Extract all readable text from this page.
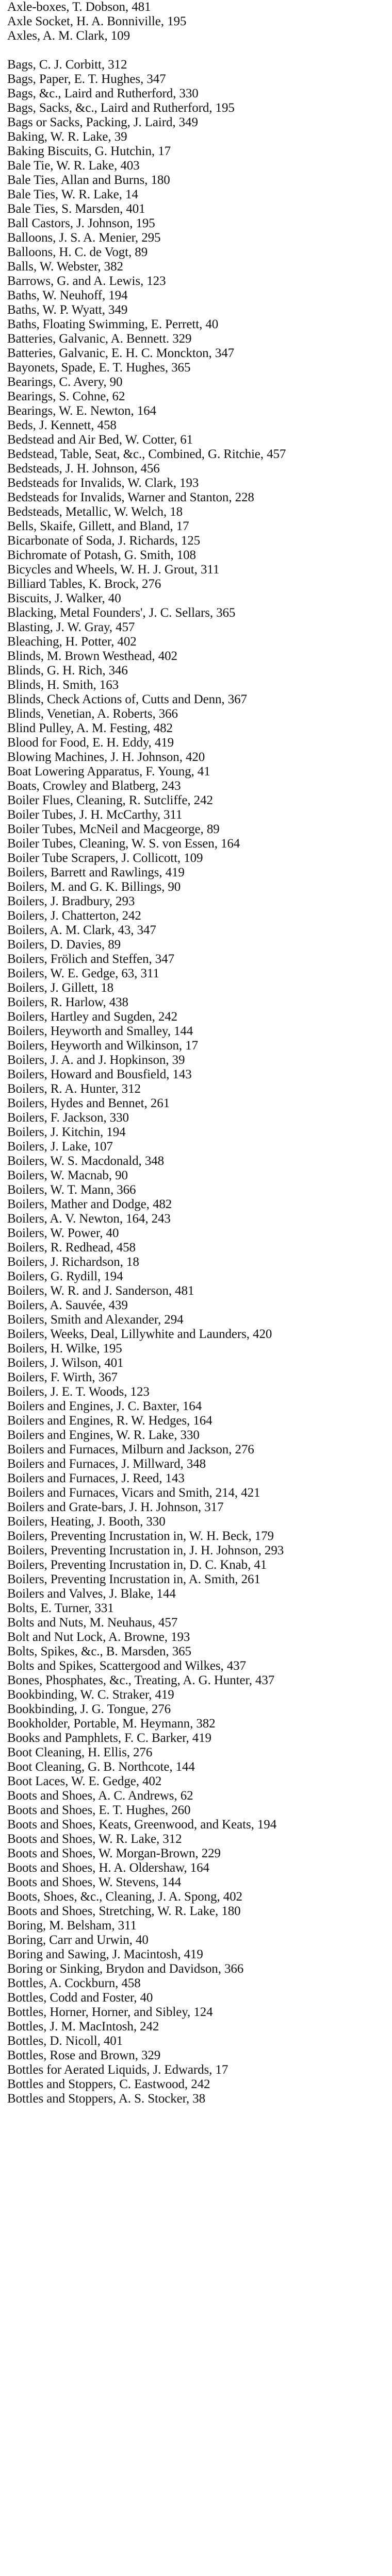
Axle-boxes, T. Dobson, 481
Axle Socket, H. A. Bonniville, 195
Axles, A. M. Clark, 109

Bags, C. J. Corbitt, 312
Bags, Paper, E. T. Hughes, 347
Bags, &c., Laird and Rutherford, 330
Bags, Sacks, &c., Laird and Rutherford, 195
Bags or Sacks, Packing, J. Laird, 349
Baking, W. R. Lake, 39
Baking Biscuits, G. Hutchin, 17
Bale Tie, W. R. Lake, 403
Bale Ties, Allan and Burns, 180
Bale Ties, W. R. Lake, 14
Bale Ties, S. Marsden, 401
Ball Castors, J. Johnson, 195
Balloons, J. S. A. Menier, 295
Balloons, H. C. de Vogt, 89
Balls, W. Webster, 382
Barrows, G. and A. Lewis, 123
Baths, W. Neuhoff, 194
Baths, W. P. Wyatt, 349
Baths, Floating Swimming, E. Perrett, 40
Batteries, Galvanic, A. Bennett. 329
Batteries, Galvanic, E. H. C. Monckton, 347
Bayonets, Spade, E. T. Hughes, 365
Bearings, C. Avery, 90
Bearings, S. Cohne, 62
Bearings, W. E. Newton, 164
Beds, J. Kennett, 458
Bedstead and Air Bed, W. Cotter, 61
Bedstead, Table, Seat, &c., Combined, G. Ritchie, 457
Bedsteads, J. H. Johnson, 456
Bedsteads for Invalids, W. Clark, 193
Bedsteads for Invalids, Warner and Stanton, 228
Bedsteads, Metallic, W. Welch, 18
Bells, Skaife, Gillett, and Bland, 17
Bicarbonate of Soda, J. Richards, 125
Bichromate of Potash, G. Smith, 108
Bicycles and Wheels, W. H. J. Grout, 311
Billiard Tables, K. Brock, 276
Biscuits, J. Walker, 40
Blacking, Metal Founders', J. C. Sellars, 365
Blasting, J. W. Gray, 457
Bleaching, H. Potter, 402
Blinds, M. Brown Westhead, 402
Blinds, G. H. Rich, 346
Blinds, H. Smith, 163
Blinds, Check Actions of, Cutts and Denn, 367
Blinds, Venetian, A. Roberts, 366
Blind Pulley, A. M. Festing, 482
Blood for Food, E. H. Eddy, 419
Blowing Machines, J. H. Johnson, 420
Boat Lowering Apparatus, F. Young, 41
Boats, Crowley and Blatberg, 243
Boiler Flues, Cleaning, R. Sutcliffe, 242
Boiler Tubes, J. H. McCarthy, 311
Boiler Tubes, McNeil and Macgeorge, 89
Boiler Tubes, Cleaning, W. S. von Essen, 164
Boiler Tube Scrapers, J. Collicott, 109
Boilers, Barrett and Rawlings, 419
Boilers, M. and G. K. Billings, 90
Boilers, J. Bradbury, 293
Boilers, J. Chatterton, 242
Boilers, A. M. Clark, 43, 347
Boilers, D. Davies, 89
Boilers, Frölich and Steffen, 347
Boilers, W. E. Gedge, 63, 311
Boilers, J. Gillett, 18
Boilers, R. Harlow, 438
Boilers, Hartley and Sugden, 242
Boilers, Heyworth and Smalley, 144
Boilers, Heyworth and Wilkinson, 17
Boilers, J. A. and J. Hopkinson, 39
Boilers, Howard and Bousfield, 143
Boilers, R. A. Hunter, 312
Boilers, Hydes and Bennet, 261
Boilers, F. Jackson, 330
Boilers, J. Kitchin, 194
Boilers, J. Lake, 107
Boilers, W. S. Macdonald, 348
Boilers, W. Macnab, 90
Boilers, W. T. Mann, 366
Boilers, Mather and Dodge, 482
Boilers, A. V. Newton, 164, 243
Boilers, W. Power, 40
Boilers, R. Redhead, 458
Boilers, J. Richardson, 18
Boilers, G. Rydill, 194
Boilers, W. R. and J. Sanderson, 481
Boilers, A. Sauvée, 439
Boilers, Smith and Alexander, 294
Boilers, Weeks, Deal, Lillywhite and Launders, 420
Boilers, H. Wilke, 195
Boilers, J. Wilson, 401
Boilers, F. Wirth, 367
Boilers, J. E. T. Woods, 123
Boilers and Engines, J. C. Baxter, 164
Boilers and Engines, R. W. Hedges, 164
Boilers and Engines, W. R. Lake, 330
Boilers and Furnaces, Milburn and Jackson, 276
Boilers and Furnaces, J. Millward, 348
Boilers and Furnaces, J. Reed, 143
Boilers and Furnaces, Vicars and Smith, 214, 421
Boilers and Grate-bars, J. H. Johnson, 317
Boilers, Heating, J. Booth, 330
Boilers, Preventing Incrustation in, W. H. Beck, 179
Boilers, Preventing Incrustation in, J. H. Johnson, 293
Boilers, Preventing Incrustation in, D. C. Knab, 41
Boilers, Preventing Incrustation in, A. Smith, 261
Boilers and Valves, J. Blake, 144
Bolts, E. Turner, 331
Bolts and Nuts, M. Neuhaus, 457
Bolt and Nut Lock, A. Browne, 193
Bolts, Spikes, &c., B. Marsden, 365
Bolts and Spikes, Scattergood and Wilkes, 437
Bones, Phosphates, &c., Treating, A. G. Hunter, 437
Bookbinding, W. C. Straker, 419
Bookbinding, J. G. Tongue, 276
Bookholder, Portable, M. Heymann, 382
Books and Pamphlets, F. C. Barker, 419
Boot Cleaning, H. Ellis, 276
Boot Cleaning, G. B. Northcote, 144
Boot Laces, W. E. Gedge, 402
Boots and Shoes, A. C. Andrews, 62
Boots and Shoes, E. T. Hughes, 260
Boots and Shoes, Keats, Greenwood, and Keats, 194
Boots and Shoes, W. R. Lake, 312
Boots and Shoes, W. Morgan-Brown, 229
Boots and Shoes, H. A. Oldershaw, 164
Boots and Shoes, W. Stevens, 144
Boots, Shoes, &c., Cleaning, J. A. Spong, 402
Boots and Shoes, Stretching, W. R. Lake, 180
Boring, M. Belsham, 311
Boring, Carr and Urwin, 40
Boring and Sawing, J. Macintosh, 419
Boring or Sinking, Brydon and Davidson, 366
Bottles, A. Cockburn, 458
Bottles, Codd and Foster, 40
Bottles, Horner, Horner, and Sibley, 124
Bottles, J. M. MacIntosh, 242
Bottles, D. Nicoll, 401
Bottles, Rose and Brown, 329
Bottles for Aerated Liquids, J. Edwards, 17
Bottles and Stoppers, C. Eastwood, 242
Bottles and Stoppers, A. S. Stocker, 38
